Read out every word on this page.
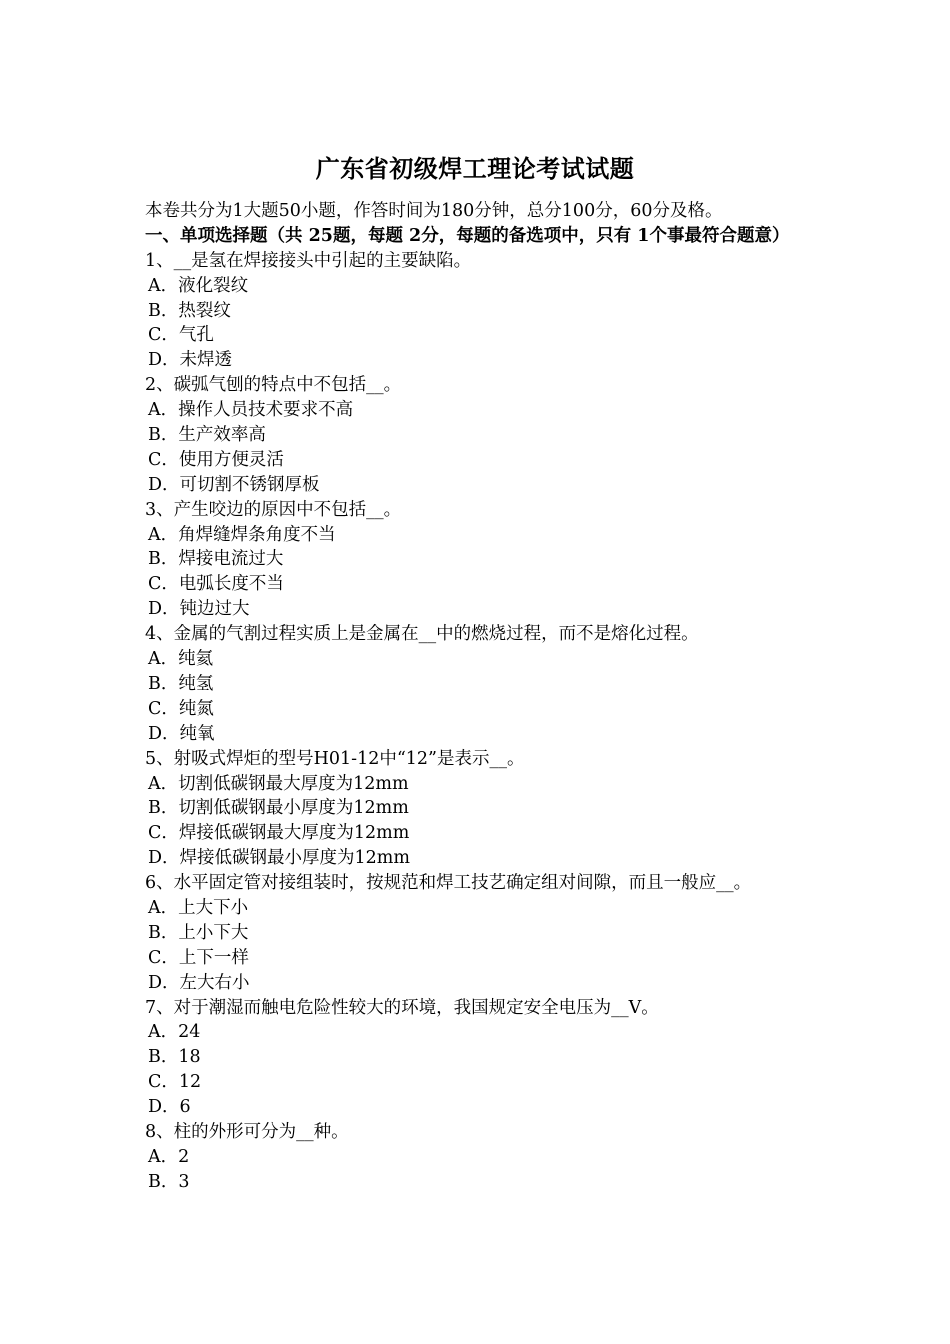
广东省初级焊工理论考试试题
本卷共分为1大题50小题，作答时间为180分钟，总分100分，60分及格。
一、单项选择题（共 25题，每题 2分，每题的备选项中，只有 1个事最符合题意）
1、__是氢在焊接接头中引起的主要缺陷。
A．液化裂纹
B．热裂纹
C．气孔
D．未焊透
2、碳弧气刨的特点中不包括__。
A．操作人员技术要求不高
B．生产效率高
C．使用方便灵活
D．可切割不锈钢厚板
3、产生咬边的原因中不包括__。
A．角焊缝焊条角度不当
B．焊接电流过大
C．电弧长度不当
D．钝边过大
4、金属的气割过程实质上是金属在__中的燃烧过程，而不是熔化过程。
A．纯氦
B．纯氢
C．纯氮
D．纯氧
5、射吸式焊炬的型号H01-12中“12”是表示__。
A．切割低碳钢最大厚度为12mm
B．切割低碳钢最小厚度为12mm
C．焊接低碳钢最大厚度为12mm
D．焊接低碳钢最小厚度为12mm
6、水平固定管对接组装时，按规范和焊工技艺确定组对间隙，而且一般应__。
A．上大下小
B．上小下大
C．上下一样
D．左大右小
7、对于潮湿而触电危险性较大的环境，我国规定安全电压为__V。
A．24
B．18
C．12
D．6
8、柱的外形可分为__种。
A．2
B．3
